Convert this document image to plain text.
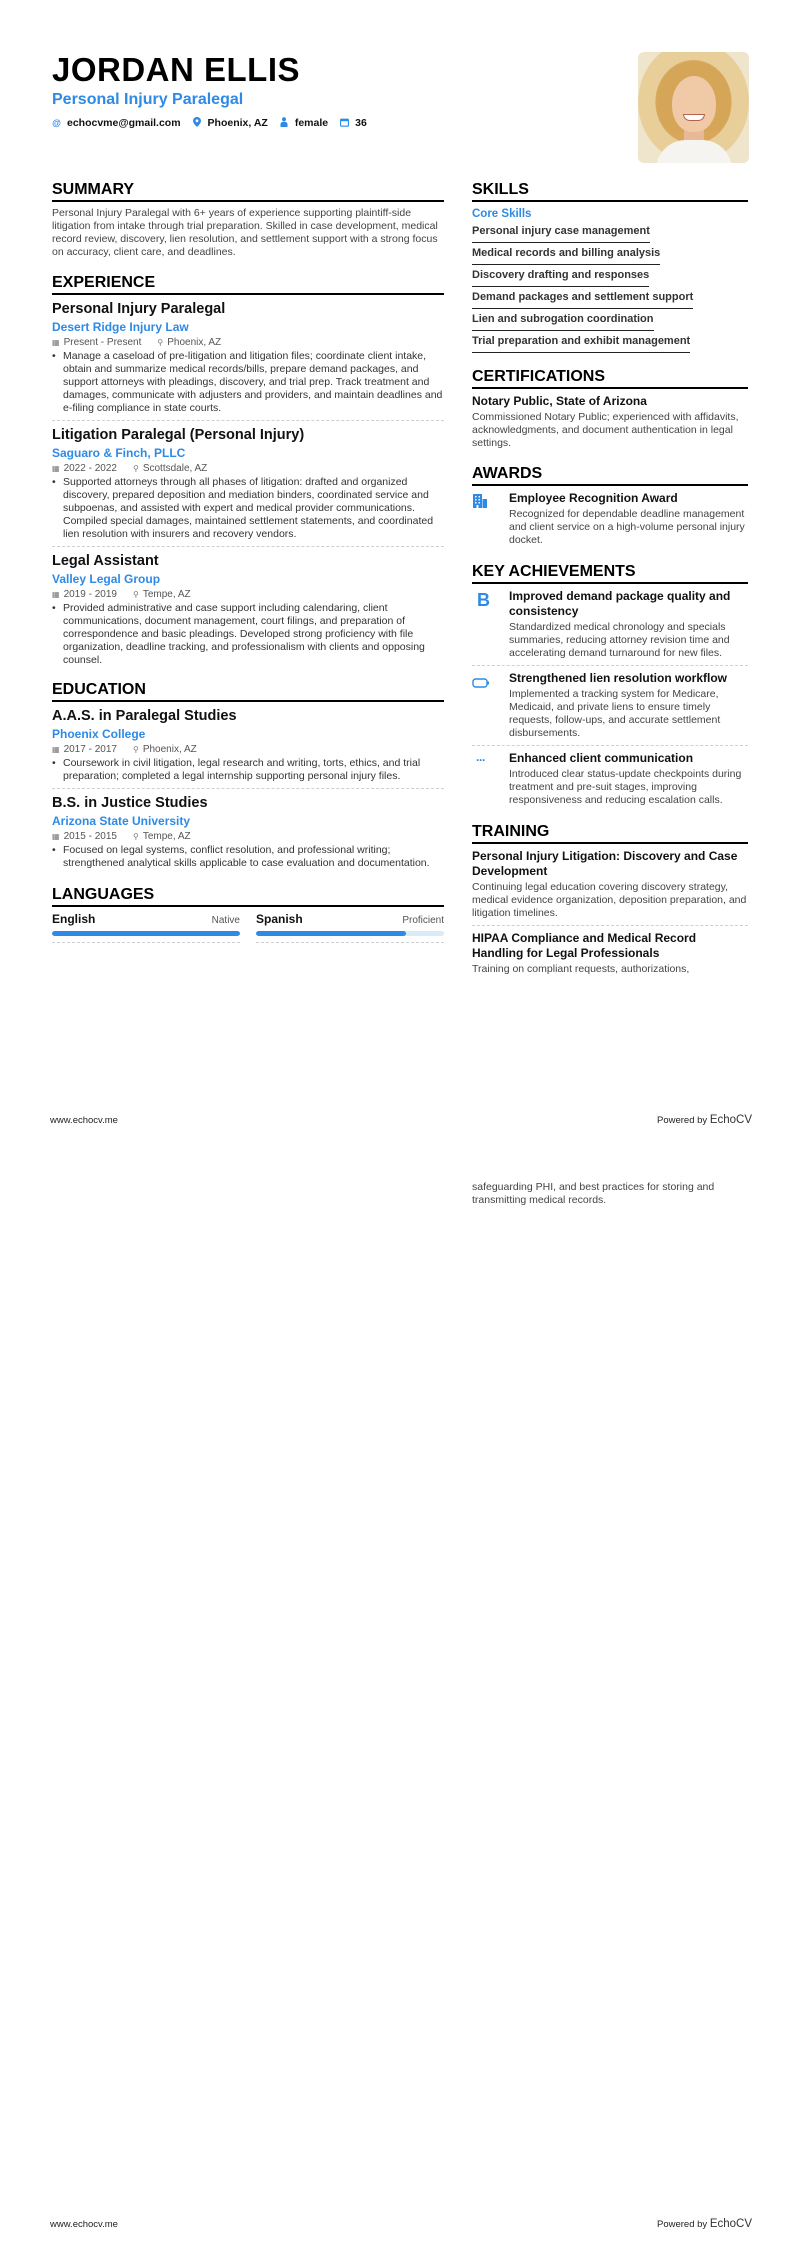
JORDAN ELLIS
Personal Injury Paralegal
@ echocvme@gmail.com	Phoenix, AZ	female	36
SUMMARY
Personal Injury Paralegal with 6+ years of experience supporting plaintiff-side litigation from intake through trial preparation. Skilled in case development, medical record review, discovery, lien resolution, and settlement support with a strong focus on accuracy, client care, and deadlines.
EXPERIENCE
Personal Injury Paralegal
Desert Ridge Injury Law
▦ Present - Present ⚲ Phoenix, AZ
• Manage a caseload of pre-litigation and litigation files; coordinate client intake, obtain and summarize medical records/bills, prepare demand packages, and support attorneys with pleadings, discovery, and trial prep. Track treatment and damages, communicate with adjusters and providers, and maintain deadlines and e-filing compliance in state courts.
Litigation Paralegal (Personal Injury)
Saguaro & Finch, PLLC
▦ 2022 - 2022 ⚲ Scottsdale, AZ
• Supported attorneys through all phases of litigation: drafted and organized discovery, prepared deposition and mediation binders, coordinated service and subpoenas, and assisted with expert and medical provider communications. Compiled special damages, maintained settlement statements, and coordinated lien resolution with insurers and recovery vendors.
Legal Assistant
Valley Legal Group
▦ 2019 - 2019 ⚲ Tempe, AZ
• Provided administrative and case support including calendaring, client communications, document management, court filings, and preparation of correspondence and basic pleadings. Developed strong proficiency with file organization, deadline tracking, and professionalism with clients and opposing counsel.
EDUCATION
A.A.S. in Paralegal Studies
Phoenix College
▦ 2017 - 2017 ⚲ Phoenix, AZ
• Coursework in civil litigation, legal research and writing, torts, ethics, and trial preparation; completed a legal internship supporting personal injury files.
B.S. in Justice Studies
Arizona State University
▦ 2015 - 2015 ⚲ Tempe, AZ
• Focused on legal systems, conflict resolution, and professional writing; strengthened analytical skills applicable to case evaluation and documentation.
LANGUAGES
English	Native Spanish	Proficient
SKILLS
Core Skills
Personal injury case management
Medical records and billing analysis
Discovery drafting and responses
Demand packages and settlement support
Lien and subrogation coordination
Trial preparation and exhibit management
CERTIFICATIONS
Notary Public, State of Arizona
Commissioned Notary Public; experienced with affidavits, acknowledgments, and document authentication in legal settings.
AWARDS
Employee Recognition Award
Recognized for dependable deadline management and client service on a high-volume personal injury docket.
KEY ACHIEVEMENTS
B	Improved demand package quality and consistency
Standardized medical chronology and specials summaries, reducing attorney revision time and accelerating demand turnaround for new files.
Strengthened lien resolution workflow
Implemented a tracking system for Medicare, Medicaid, and private liens to ensure timely requests, follow-ups, and accurate settlement disbursements.
···	Enhanced client communication
Introduced clear status-update checkpoints during treatment and pre-suit stages, improving responsiveness and reducing escalation calls.
TRAINING
Personal Injury Litigation: Discovery and Case Development
Continuing legal education covering discovery strategy, medical evidence organization, deposition preparation, and litigation timelines.
HIPAA Compliance and Medical Record Handling for Legal Professionals
Training on compliant requests, authorizations,
www.echocv.me	Powered by EchoCV
safeguarding PHI, and best practices for storing and transmitting medical records.
www.echocv.me	Powered by EchoCV
